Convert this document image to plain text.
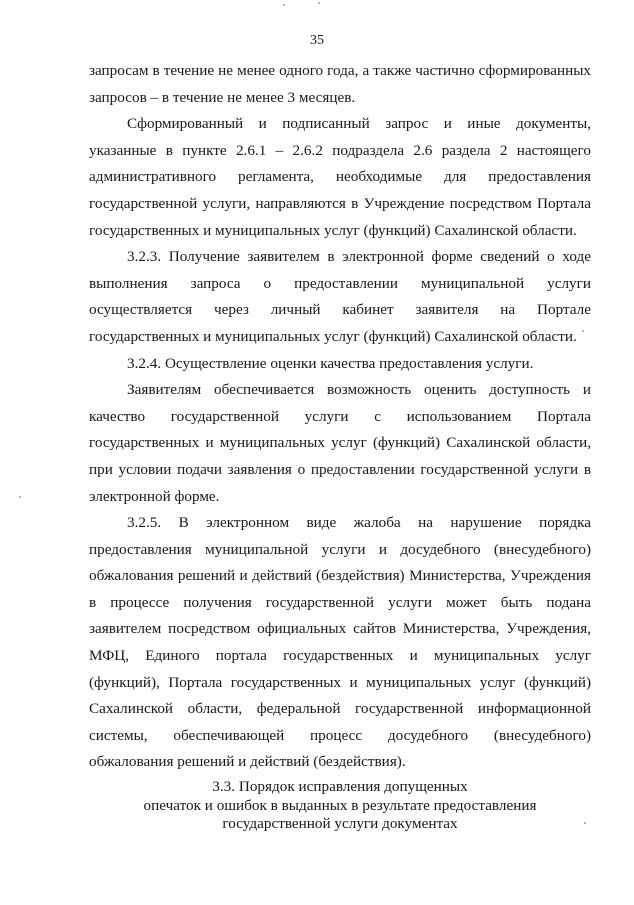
35

запросам в течение не менее одного года, а также частично сформированных запросов – в течение не менее 3 месяцев.

Сформированный и подписанный запрос и иные документы, указанные в пункте 2.6.1 – 2.6.2 подраздела 2.6 раздела 2 настоящего административного регламента, необходимые для предоставления государственной услуги, направляются в Учреждение посредством Портала государственных и муниципальных услуг (функций) Сахалинской области.

3.2.3. Получение заявителем в электронной форме сведений о ходе выполнения запроса о предоставлении муниципальной услуги осуществляется через личный кабинет заявителя на Портале государственных и муниципальных услуг (функций) Сахалинской области.

3.2.4. Осуществление оценки качества предоставления услуги.

Заявителям обеспечивается возможность оценить доступность и качество государственной услуги с использованием Портала государственных и муниципальных услуг (функций) Сахалинской области, при условии подачи заявления о предоставлении государственной услуги в электронной форме.

3.2.5. В электронном виде жалоба на нарушение порядка предоставления муниципальной услуги и досудебного (внесудебного) обжалования решений и действий (бездействия) Министерства, Учреждения в процессе получения государственной услуги может быть подана заявителем посредством официальных сайтов Министерства, Учреждения, МФЦ, Единого портала государственных и муниципальных услуг (функций), Портала государственных и муниципальных услуг (функций) Сахалинской области, федеральной государственной информационной системы, обеспечивающей процесс досудебного (внесудебного) обжалования решений и действий (бездействия).

3.3. Порядок исправления допущенных
опечаток и ошибок в выданных в результате предоставления
государственной услуги документах
